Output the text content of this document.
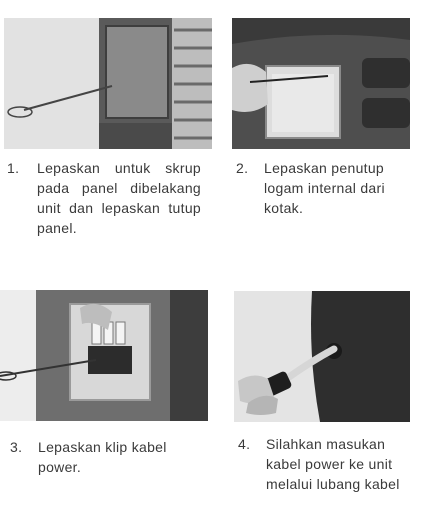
1. Lepaskan untuk skrup pada panel dibelakang unit dan lepaskan tutup panel.
2. Lepaskan penutup logam internal dari kotak.
3. Lepaskan klip kabel power.
4. Silahkan masukan
kabel power ke unit
melalui lubang kabel
